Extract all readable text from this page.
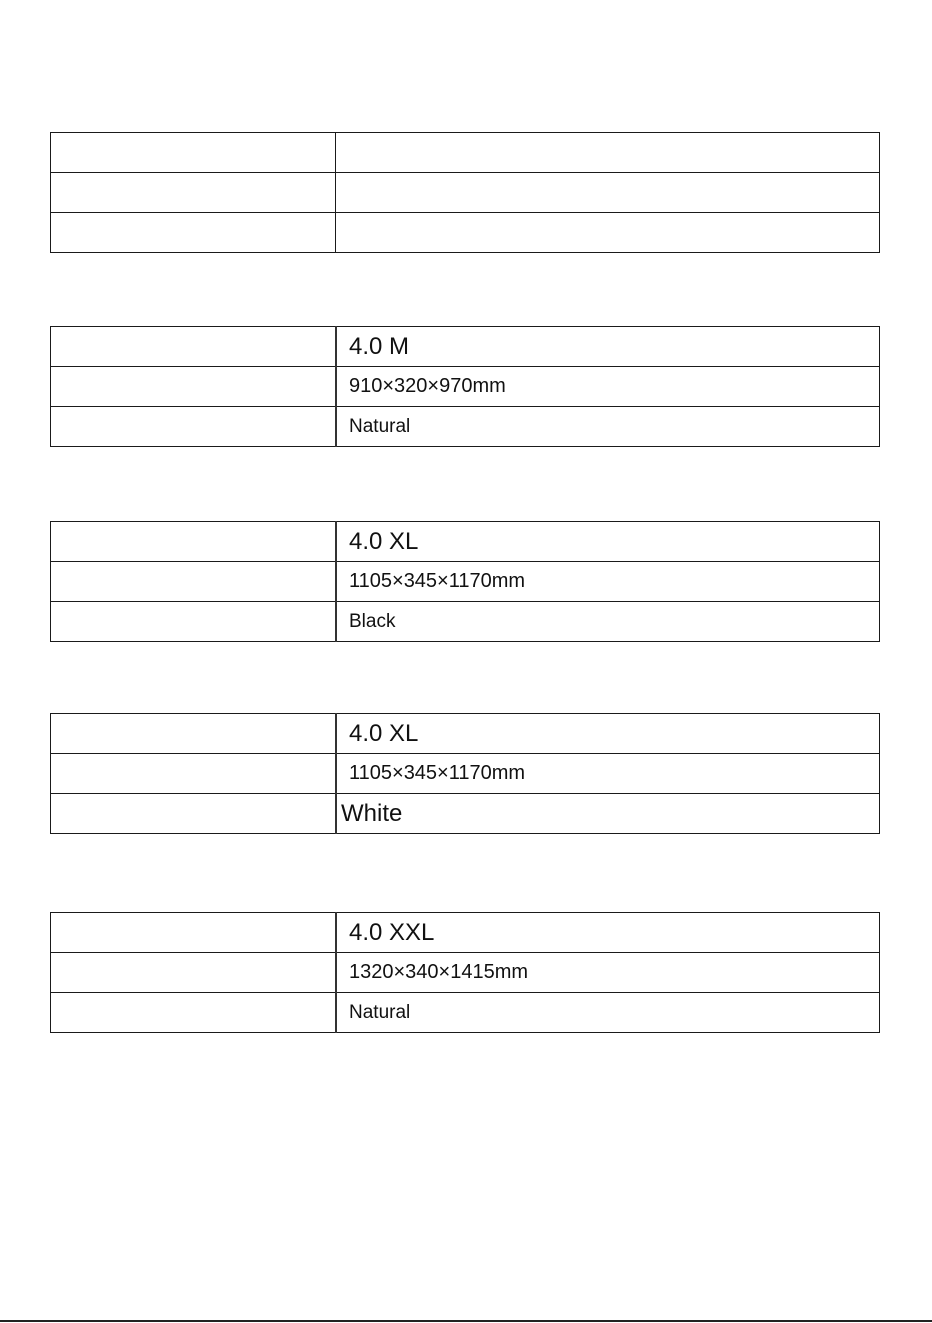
	4.0 M
	910×320×970mm
	Natural
	4.0 XL
	1105×345×1170mm
	Black
	4.0 XL
	1105×345×1170mm
	White
	4.0 XXL
	1320×340×1415mm
	Natural
